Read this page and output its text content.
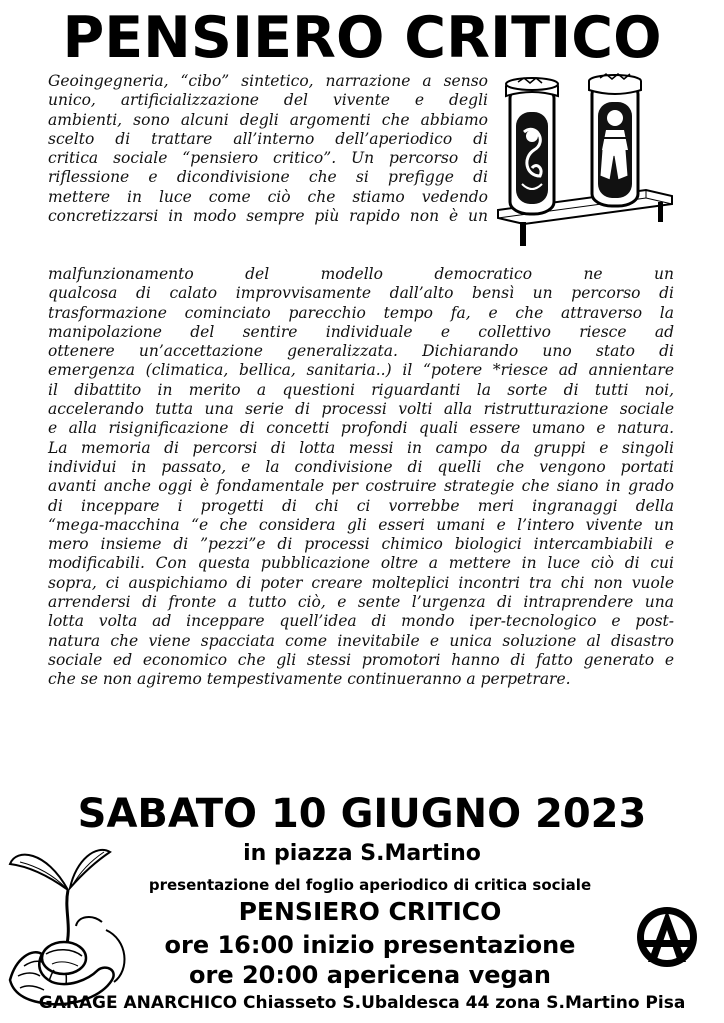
PENSIERO CRITICO

Geoingegneria, “cibo” sintetico, narrazione a senso

unico, artificializzazione del vivente e degli

ambienti, sono alcuni degli argomenti che abbiamo

scelto di trattare all’interno dell’aperiodico di

critica sociale “pensiero critico”. Un percorso di

riflessione e dicondivisione che si prefigge di

mettere in luce come ciò che stiamo vedendo

concretizzarsi in modo sempre più rapido non è un

malfunzionamento del modello democratico ne un

qualcosa di calato improvvisamente dall’alto bensì un percorso di

trasformazione cominciato parecchio tempo fa, e che attraverso la

manipolazione del sentire individuale e collettivo riesce ad

ottenere un’accettazione generalizzata. Dichiarando uno stato di

emergenza (climatica, bellica, sanitaria..) il “potere *riesce ad annientare

il dibattito in merito a questioni riguardanti la sorte di tutti noi,

accelerando tutta una serie di processi volti alla ristrutturazione sociale

e alla risignificazione di concetti profondi quali essere umano e natura.

La memoria di percorsi di lotta messi in campo da gruppi e singoli

individui in passato, e la condivisione di quelli che vengono portati

avanti anche oggi è fondamentale per costruire strategie che siano in grado

di inceppare i progetti di chi ci vorrebbe meri ingranaggi della

“mega-macchina “e che considera gli esseri umani e l’intero vivente un

mero insieme di ”pezzi”e di processi chimico biologici intercambiabili e

modificabili. Con questa pubblicazione oltre a mettere in luce ciò di cui

sopra, ci auspichiamo di poter creare molteplici incontri tra chi non vuole

arrendersi di fronte a tutto ciò, e sente l’urgenza di intraprendere una

lotta volta ad inceppare quell’idea di mondo iper-tecnologico e post-

natura che viene spacciata come inevitabile e unica soluzione al disastro

sociale ed economico che gli stessi promotori hanno di fatto generato e

che se non agiremo tempestivamente continueranno a perpetrare.

SABATO 10 GIUGNO 2023
in piazza S.Martino
presentazione del foglio aperiodico di critica sociale
PENSIERO CRITICO
ore 16:00 inizio presentazione
ore 20:00 apericena vegan
GARAGE ANARCHICO Chiasseto S.Ubaldesca 44 zona S.Martino Pisa
